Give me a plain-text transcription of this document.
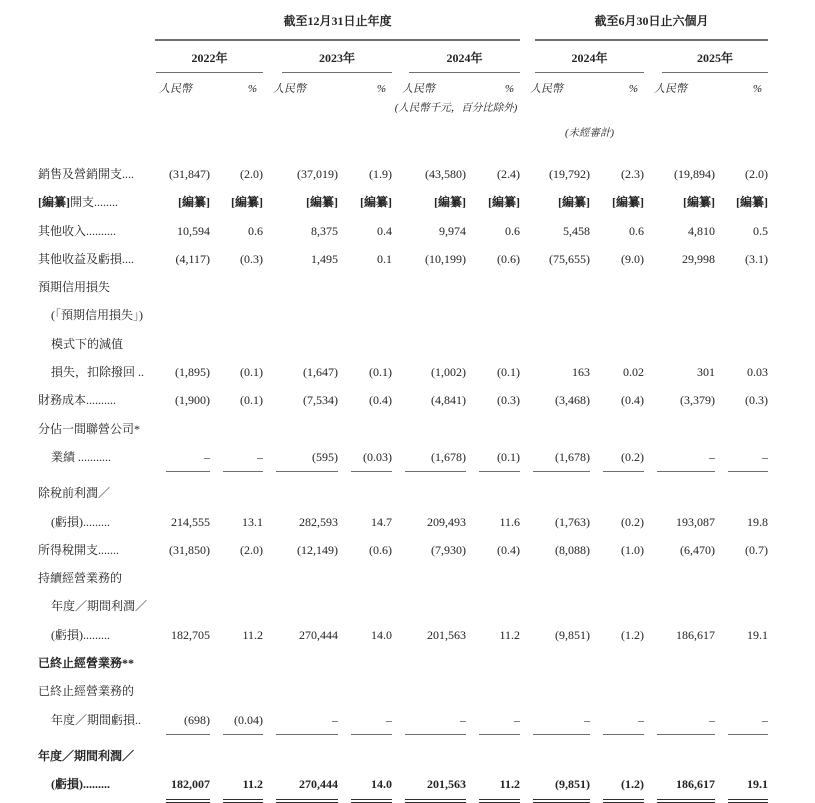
截至12月31日止年度	截至6月30日止六個月
2022年	2023年	2024年	2024年	2025年
人民幣	%	人民幣	%	人民幣	%	人民幣	%	人民幣	%
(人民幣千元，百分比除外)
(未經審計)
銷售及營銷開支....	(31,847)	(2.0)	(37,019)	(1.9)	(43,580)	(2.4)	(19,792)	(2.3)	(19,894)	(2.0)
[編纂]開支........	[編纂]	[編纂]	[編纂]	[編纂]	[編纂]	[編纂]	[編纂]	[編纂]	[編纂]	[編纂]
其他收入..........	10,594	0.6	8,375	0.4	9,974	0.6	5,458	0.6	4,810	0.5
其他收益及虧損....	(4,117)	(0.3)	1,495	0.1	(10,199)	(0.6)	(75,655)	(9.0)	29,998	(3.1)
預期信用損失
(「預期信用損失」)
模式下的減值
損失，扣除撥回 ..	(1,895)	(0.1)	(1,647)	(0.1)	(1,002)	(0.1)	163	0.02	301	0.03
財務成本..........	(1,900)	(0.1)	(7,534)	(0.4)	(4,841)	(0.3)	(3,468)	(0.4)	(3,379)	(0.3)
分佔一間聯營公司*
業績 ...........	–	–	(595)	(0.03)	(1,678)	(0.1)	(1,678)	(0.2)	–	–
除稅前利潤／
(虧損).........	214,555	13.1	282,593	14.7	209,493	11.6	(1,763)	(0.2)	193,087	19.8
所得稅開支.......	(31,850)	(2.0)	(12,149)	(0.6)	(7,930)	(0.4)	(8,088)	(1.0)	(6,470)	(0.7)
持續經營業務的
年度／期間利潤／
(虧損).........	182,705	11.2	270,444	14.0	201,563	11.2	(9,851)	(1.2)	186,617	19.1
已終止經營業務**
已終止經營業務的
年度／期間虧損..	(698)	(0.04)	–	–	–	–	–	–	–	–
年度／期間利潤／
(虧損).........	182,007	11.2	270,444	14.0	201,563	11.2	(9,851)	(1.2)	186,617	19.1
